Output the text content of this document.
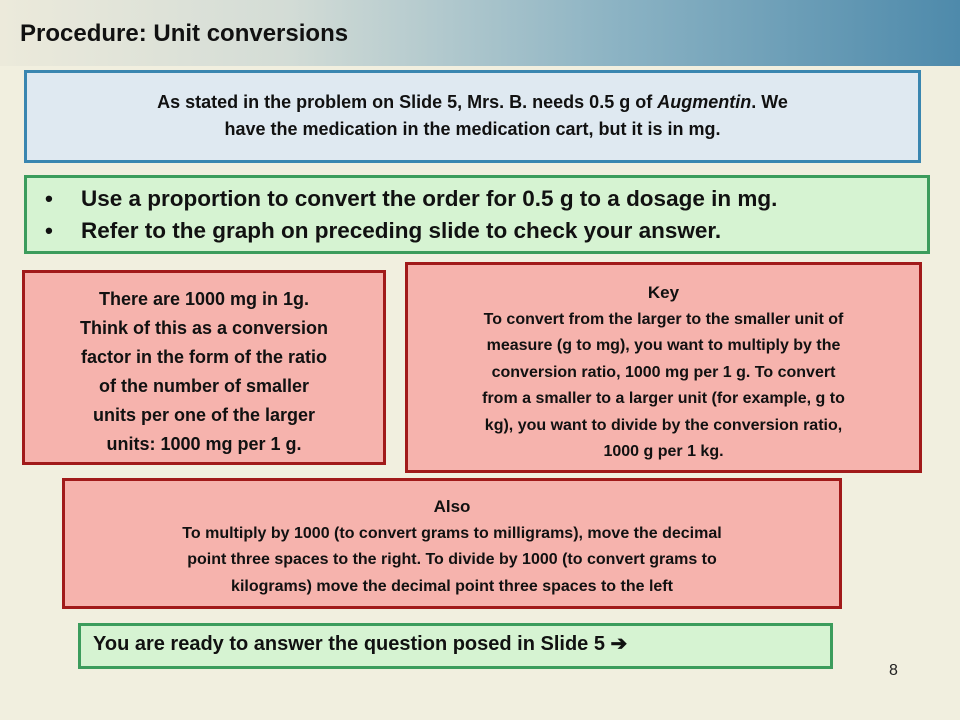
Procedure: Unit conversions
As stated in the problem on Slide 5, Mrs. B. needs 0.5 g of Augmentin. We
have the medication in the medication cart, but it is in mg.
•	Use a proportion to convert the order for 0.5 g to a dosage in mg.
•	Refer to the graph on preceding slide to check your answer.
There are 1000 mg in 1g.
Think of this as a conversion
factor in the form of the ratio
of the number of smaller
units per one of the larger
units: 1000 mg per 1 g.
Key
To convert from the larger to the smaller unit of
measure (g to mg), you want to multiply by the
conversion ratio, 1000 mg per 1 g. To convert
from a smaller to a larger unit (for example, g to
kg), you want to divide by the conversion ratio,
1000 g per 1 kg.
Also
To multiply by 1000 (to convert grams to milligrams), move the decimal
point three spaces to the right. To divide by 1000 (to convert grams to
kilograms) move the decimal point three spaces to the left
You are ready to answer the question posed in Slide 5 ➔
8
